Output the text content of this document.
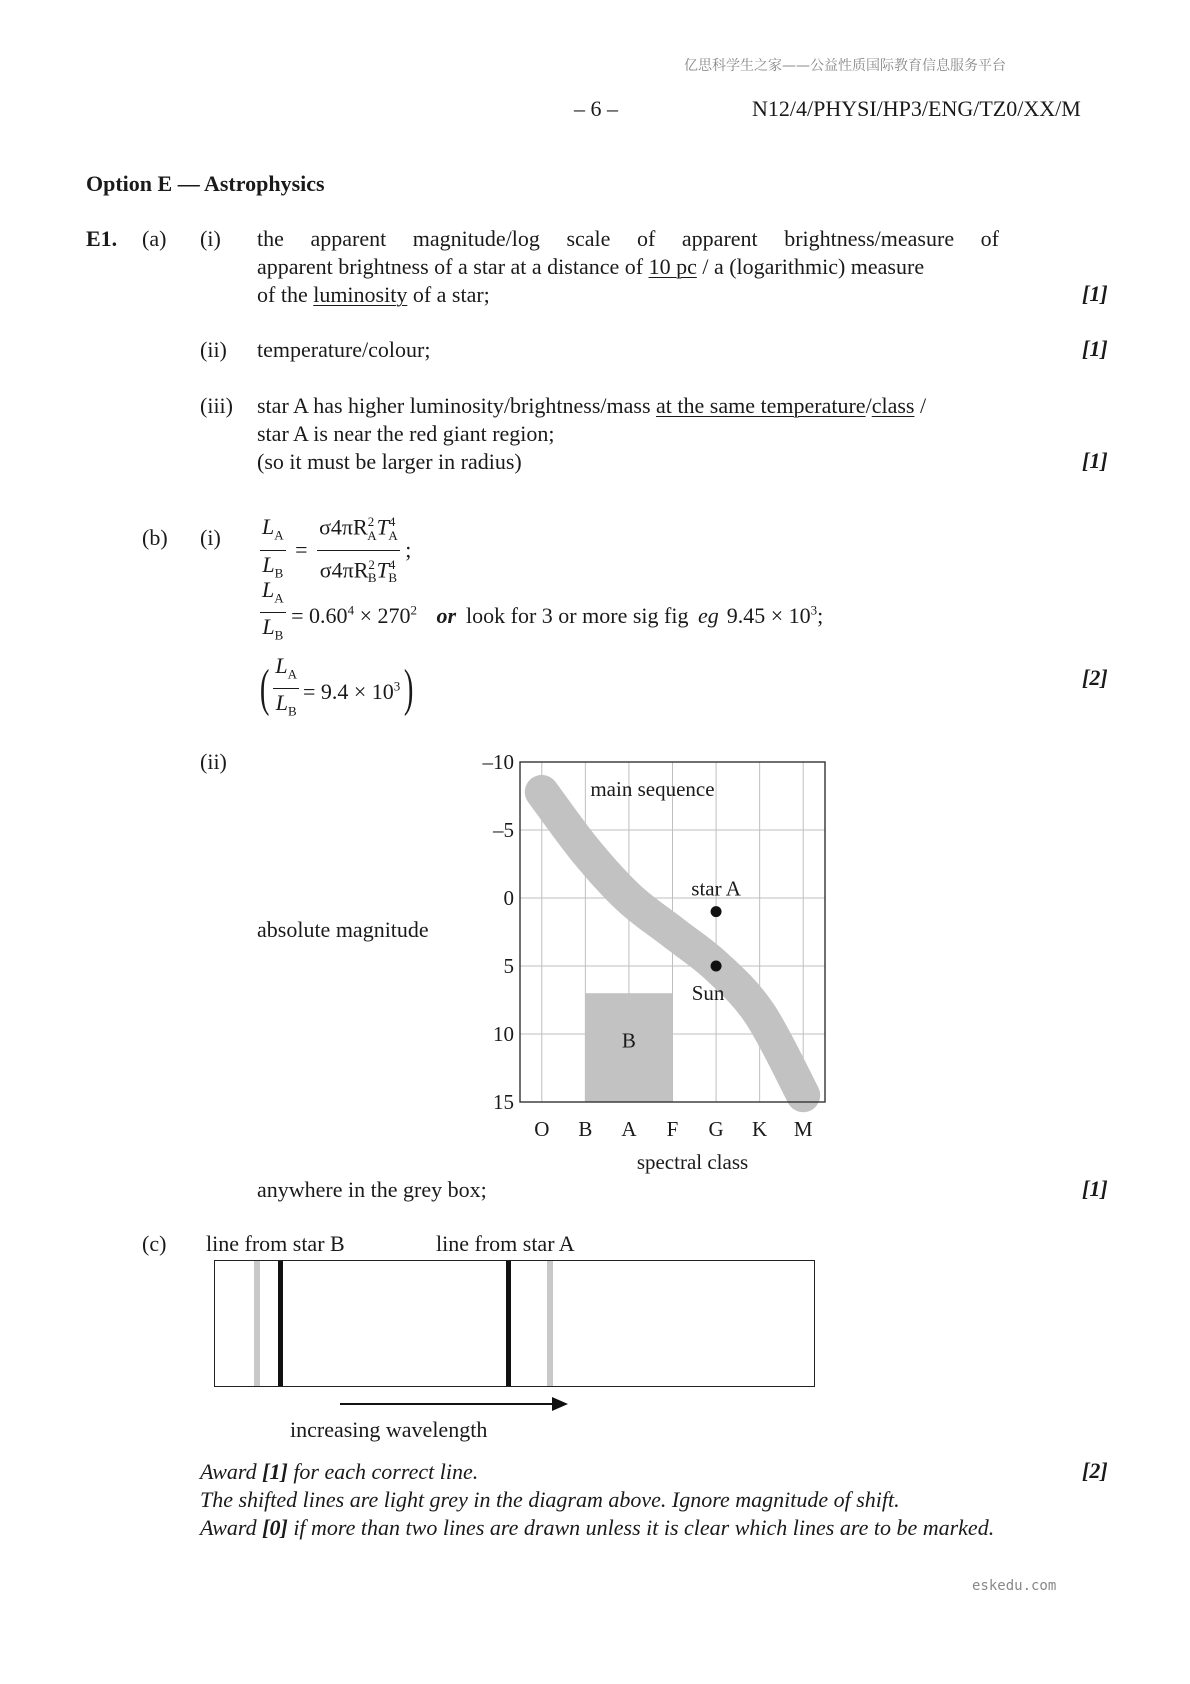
亿思科学生之家——公益性质国际教育信息服务平台
– 6 –	N12/4/PHYSI/HP3/ENG/TZ0/XX/M
Option E — Astrophysics
E1. (a) (i) the apparent magnitude/log scale of apparent brightness/measure of
apparent brightness of a star at a distance of 10 pc / a (logarithmic) measure
of the luminosity of a star;	[1]
(ii) temperature/colour;	[1]
(iii) star A has higher luminosity/brightness/mass at the same temperature/class /
star A is near the red giant region;
(so it must be larger in radius)	[1]
(b) $(i) \frac{L_A}{L_B} = \frac{\sigma 4\pi R^2_AT^4_A}{\sigma 4\pi R^2_BT^4_B}$ ;
$\frac{L_A}{L_B} = 0.60^4 \times 270^2$ or look for 3 or more sig fig eg $9.45 \times 10^3$;
( $\frac{L_A}{L_B} = 9.4 \times 10^3$)	[2]
(ii)
absolute magnitude
–10
–5
0
5
10
15
O B A F G K M
spectral class
main sequence
star A
Sun
B
anywhere in the grey box;	[1]
(c) line from star B	line from star A
increasing wavelength
Award [1] for each correct line.	[2]
The shifted lines are light grey in the diagram above. Ignore magnitude of shift.
Award [0] if more than two lines are drawn unless it is clear which lines are to be marked.
eskedu.com
